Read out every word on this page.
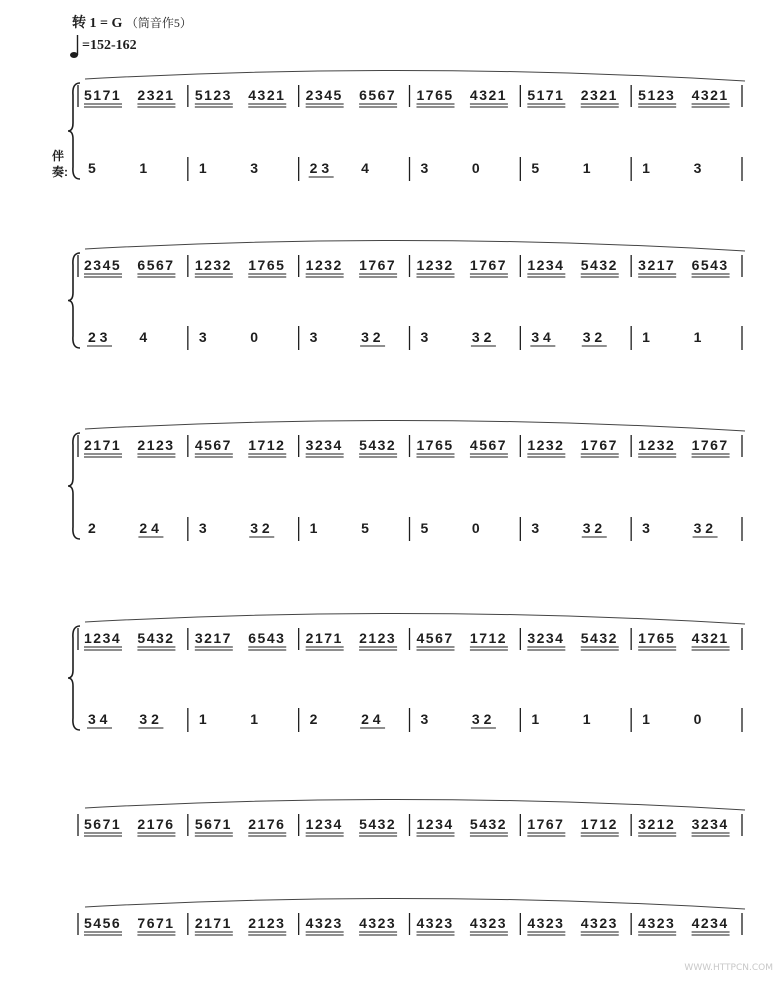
转 1 = G （筒音作5）
=152-162
伴
奏:
5171 2321 5123 4321 2345 6567 1765 4321 5171 2321 5123 4321
5	1	1	3	2 3 4	3	0	5	1	1	3
2345 6567 1232 1765 1232 1767 1232 1767 1234 5432 3217 6543
2 3 4	3	0	3	3 2	3	3 2	3 4 3 2	1	1
2171 2123 4567 1712 3234 5432 1765 4567 1232 1767 1232 1767
2	2 4	3	3 2	1	5	5	0	3	3 2	3	3 2
1234 5432 3217 6543 2171 2123 4567 1712 3234 5432 1765 4321
3 4 3 2	1	1	2	2 4	3	3 2	1	1	1	0
5671 2176 5671 2176 1234 5432 1234 5432 1767 1712 3212 3234
5456 7671 2171 2123 4323 4323 4323 4323 4323 4323 4323 4234
WWW.HTTPCN.COM
